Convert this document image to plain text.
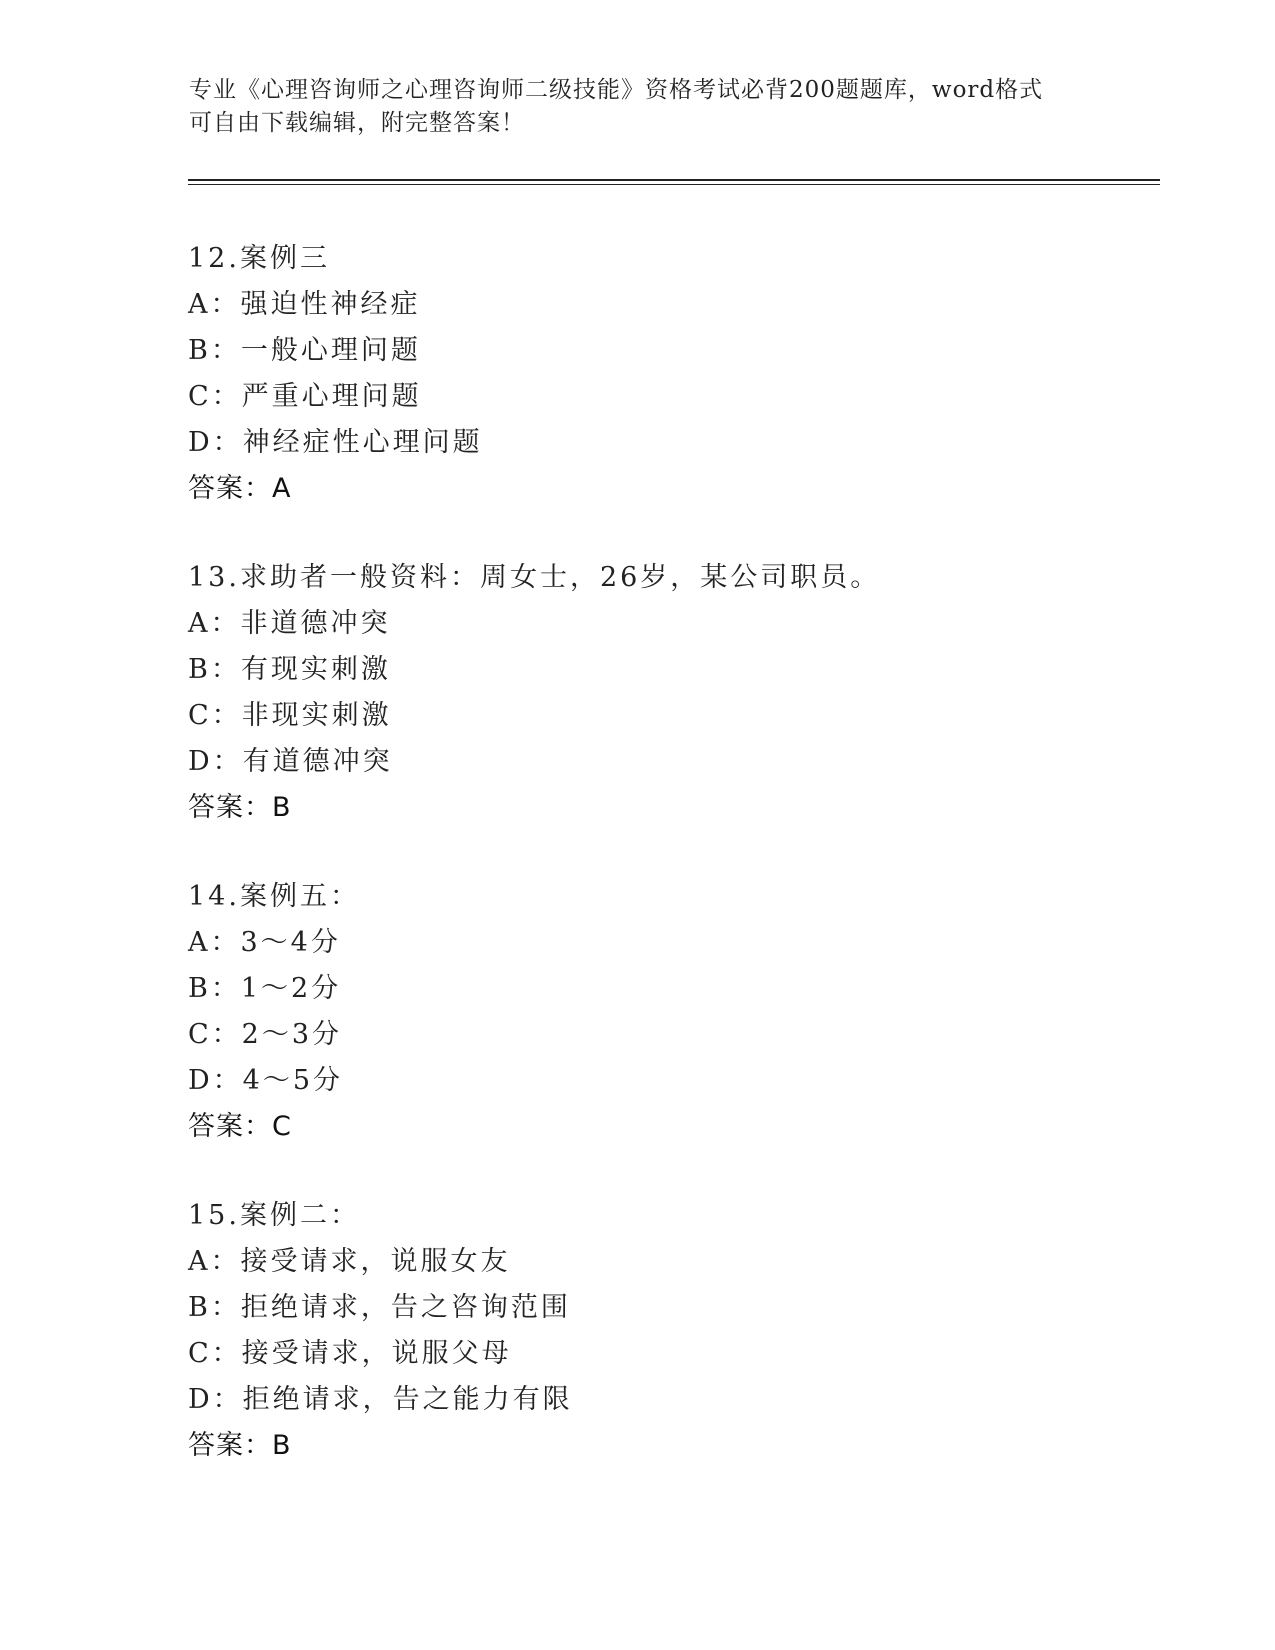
专业《心理咨询师之心理咨询师二级技能》资格考试必背200题题库，word格式
可自由下载编辑，附完整答案！
12.案例三
A：强迫性神经症
B：一般心理问题
C：严重心理问题
D：神经症性心理问题
答案：A
13.求助者一般资料：周女士，26岁，某公司职员。
A：非道德冲突
B：有现实刺激
C：非现实刺激
D：有道德冲突
答案：B
14.案例五：
A：3～4分
B：1～2分
C：2～3分
D：4～5分
答案：C
15.案例二：
A：接受请求，说服女友
B：拒绝请求，告之咨询范围
C：接受请求，说服父母
D：拒绝请求，告之能力有限
答案：B
